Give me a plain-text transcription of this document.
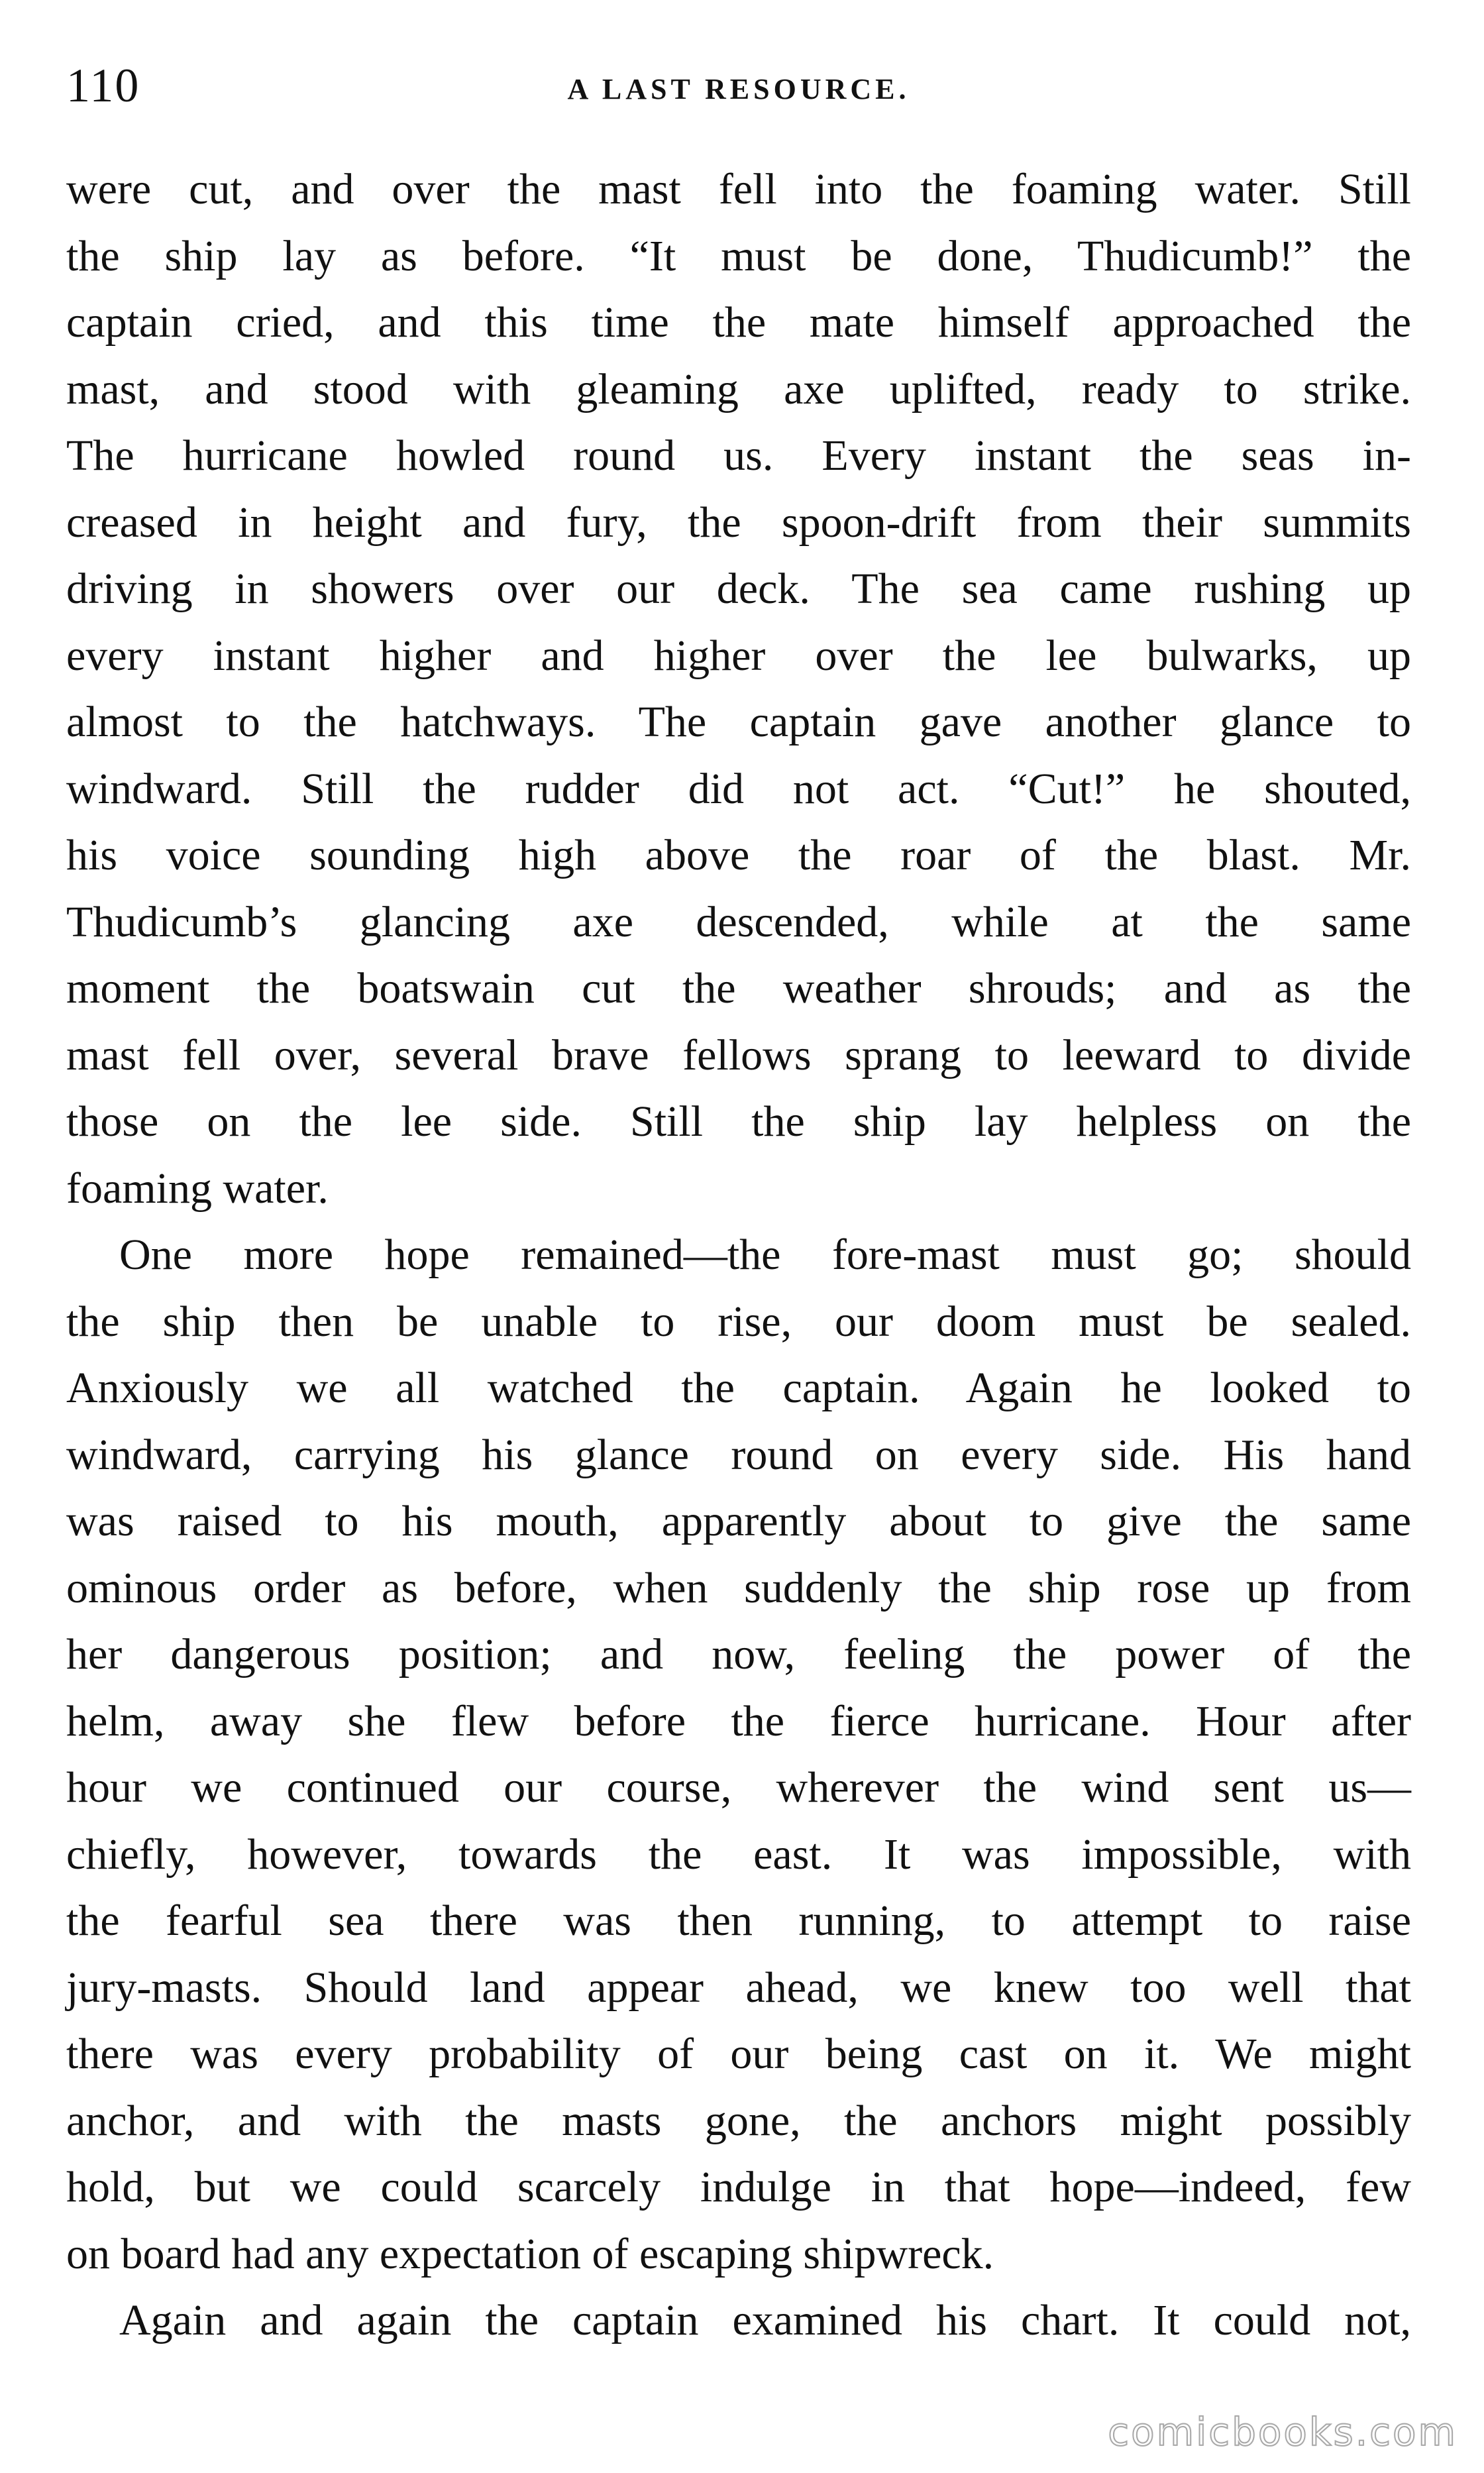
110	A LAST RESOURCE.

were cut, and over the mast fell into the foaming water. Still
the ship lay as before. “It must be done, Thudicumb!” the
captain cried, and this time the mate himself approached the
mast, and stood with gleaming axe uplifted, ready to strike.
The hurricane howled round us. Every instant the seas in-
creased in height and fury, the spoon-drift from their summits
driving in showers over our deck. The sea came rushing up
every instant higher and higher over the lee bulwarks, up
almost to the hatchways. The captain gave another glance to
windward. Still the rudder did not act. “Cut!” he shouted,
his voice sounding high above the roar of the blast. Mr.
Thudicumb’s glancing axe descended, while at the same
moment the boatswain cut the weather shrouds; and as the
mast fell over, several brave fellows sprang to leeward to divide
those on the lee side. Still the ship lay helpless on the
foaming water.

One more hope remained—the fore-mast must go; should
the ship then be unable to rise, our doom must be sealed.
Anxiously we all watched the captain. Again he looked to
windward, carrying his glance round on every side. His hand
was raised to his mouth, apparently about to give the same
ominous order as before, when suddenly the ship rose up from
her dangerous position; and now, feeling the power of the
helm, away she flew before the fierce hurricane. Hour after
hour we continued our course, wherever the wind sent us—
chiefly, however, towards the east. It was impossible, with
the fearful sea there was then running, to attempt to raise
jury-masts. Should land appear ahead, we knew too well that
there was every probability of our being cast on it. We might
anchor, and with the masts gone, the anchors might possibly
hold, but we could scarcely indulge in that hope—indeed, few
on board had any expectation of escaping shipwreck.

Again and again the captain examined his chart. It could not,

comicbooks.com
